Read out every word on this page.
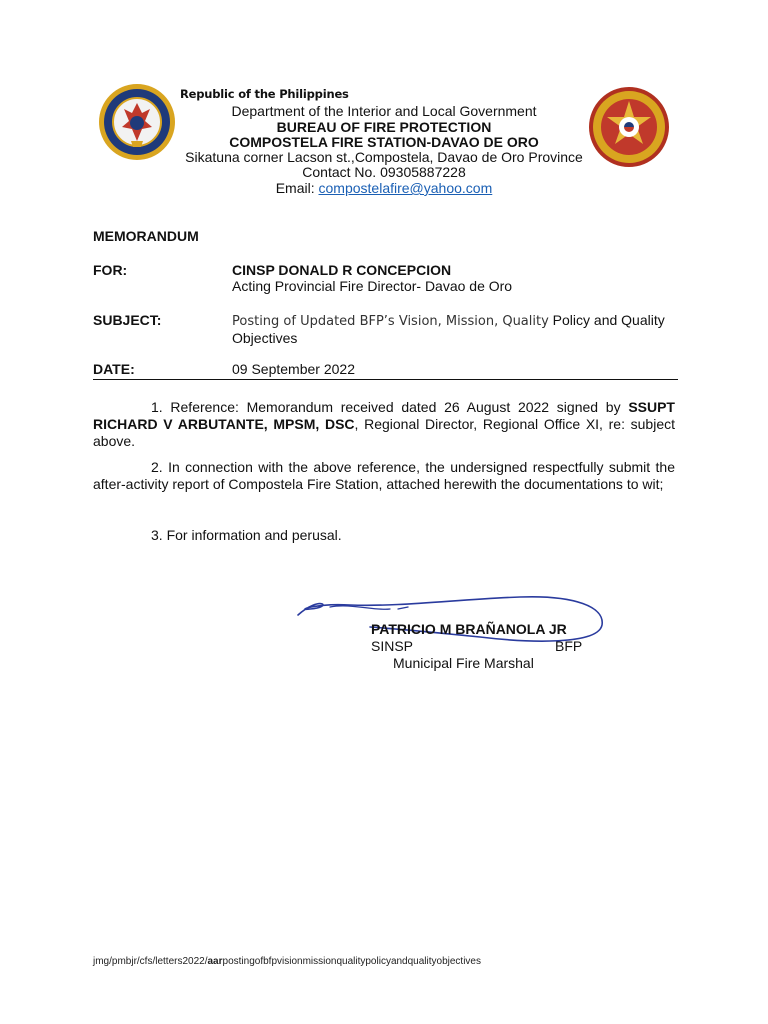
Republic of the Philippines
Department of the Interior and Local Government
BUREAU OF FIRE PROTECTION
COMPOSTELA FIRE STATION-DAVAO DE ORO
Sikatuna corner Lacson st.,Compostela, Davao de Oro Province
Contact No. 09305887228
Email: compostelafire@yahoo.com
MEMORANDUM
FOR:	CINSP DONALD R CONCEPCION
Acting Provincial Fire Director- Davao de Oro
SUBJECT:	Posting of Updated BFP’s Vision, Mission, Quality Policy and Quality Objectives
DATE:	09 September 2022
1. Reference: Memorandum received dated 26 August 2022 signed by SSUPT RICHARD V ARBUTANTE, MPSM, DSC, Regional Director, Regional Office XI, re: subject above.
2. In connection with the above reference, the undersigned respectfully submit the after-activity report of Compostela Fire Station, attached herewith the documentations to wit;
3. For information and perusal.
PATRICIO M BRAÑANOLA JR
SINSP	BFP
Municipal Fire Marshal
jmg/pmbjr/cfs/letters2022/aarpostingofbfpvisionmissionqualitypolicyandqualityobjectives
